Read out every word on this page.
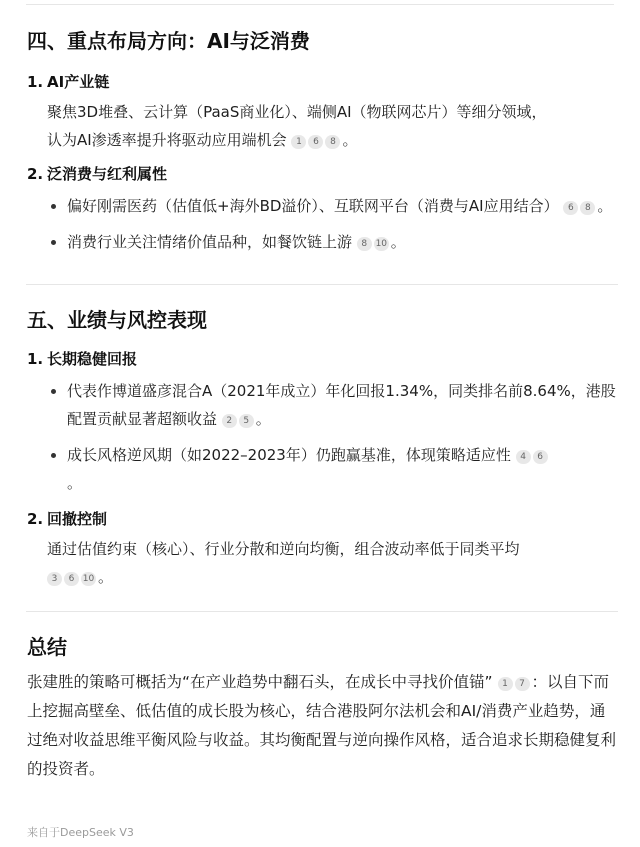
四、重点布局方向：AI与泛消费
1. AI产业链
聚焦3D堆叠、云计算（PaaS商业化）、端侧AI（物联网芯片）等细分领域，
认为AI渗透率提升将驱动应用端机会 1 6 8 。
2. 泛消费与红利属性
偏好刚需医药（估值低+海外BD溢价）、互联网平台（消费与AI应用结合） 6 8 。
消费行业关注情绪价值品种，如餐饮链上游 8 10 。
五、业绩与风控表现
1. 长期稳健回报
代表作博道盛彦混合A（2021年成立）年化回报1.34%，同类排名前8.64%，港股配置贡献显著超额收益 2 5 。
成长风格逆风期（如2022–2023年）仍跑赢基准，体现策略适应性 4 6
。
2. 回撤控制
通过估值约束（核心）、行业分散和逆向均衡，组合波动率低于同类平均
3 6 10 。
总结
张建胜的策略可概括为“在产业趋势中翻石头，在成长中寻找价值锚” 1 7 ：以自下而上挖掘高壁垒、低估值的成长股为核心，结合港股阿尔法机会和AI/消费产业趋势，通过绝对收益思维平衡风险与收益。其均衡配置与逆向操作风格，适合追求长期稳健复利的投资者。
来自于DeepSeek V3
